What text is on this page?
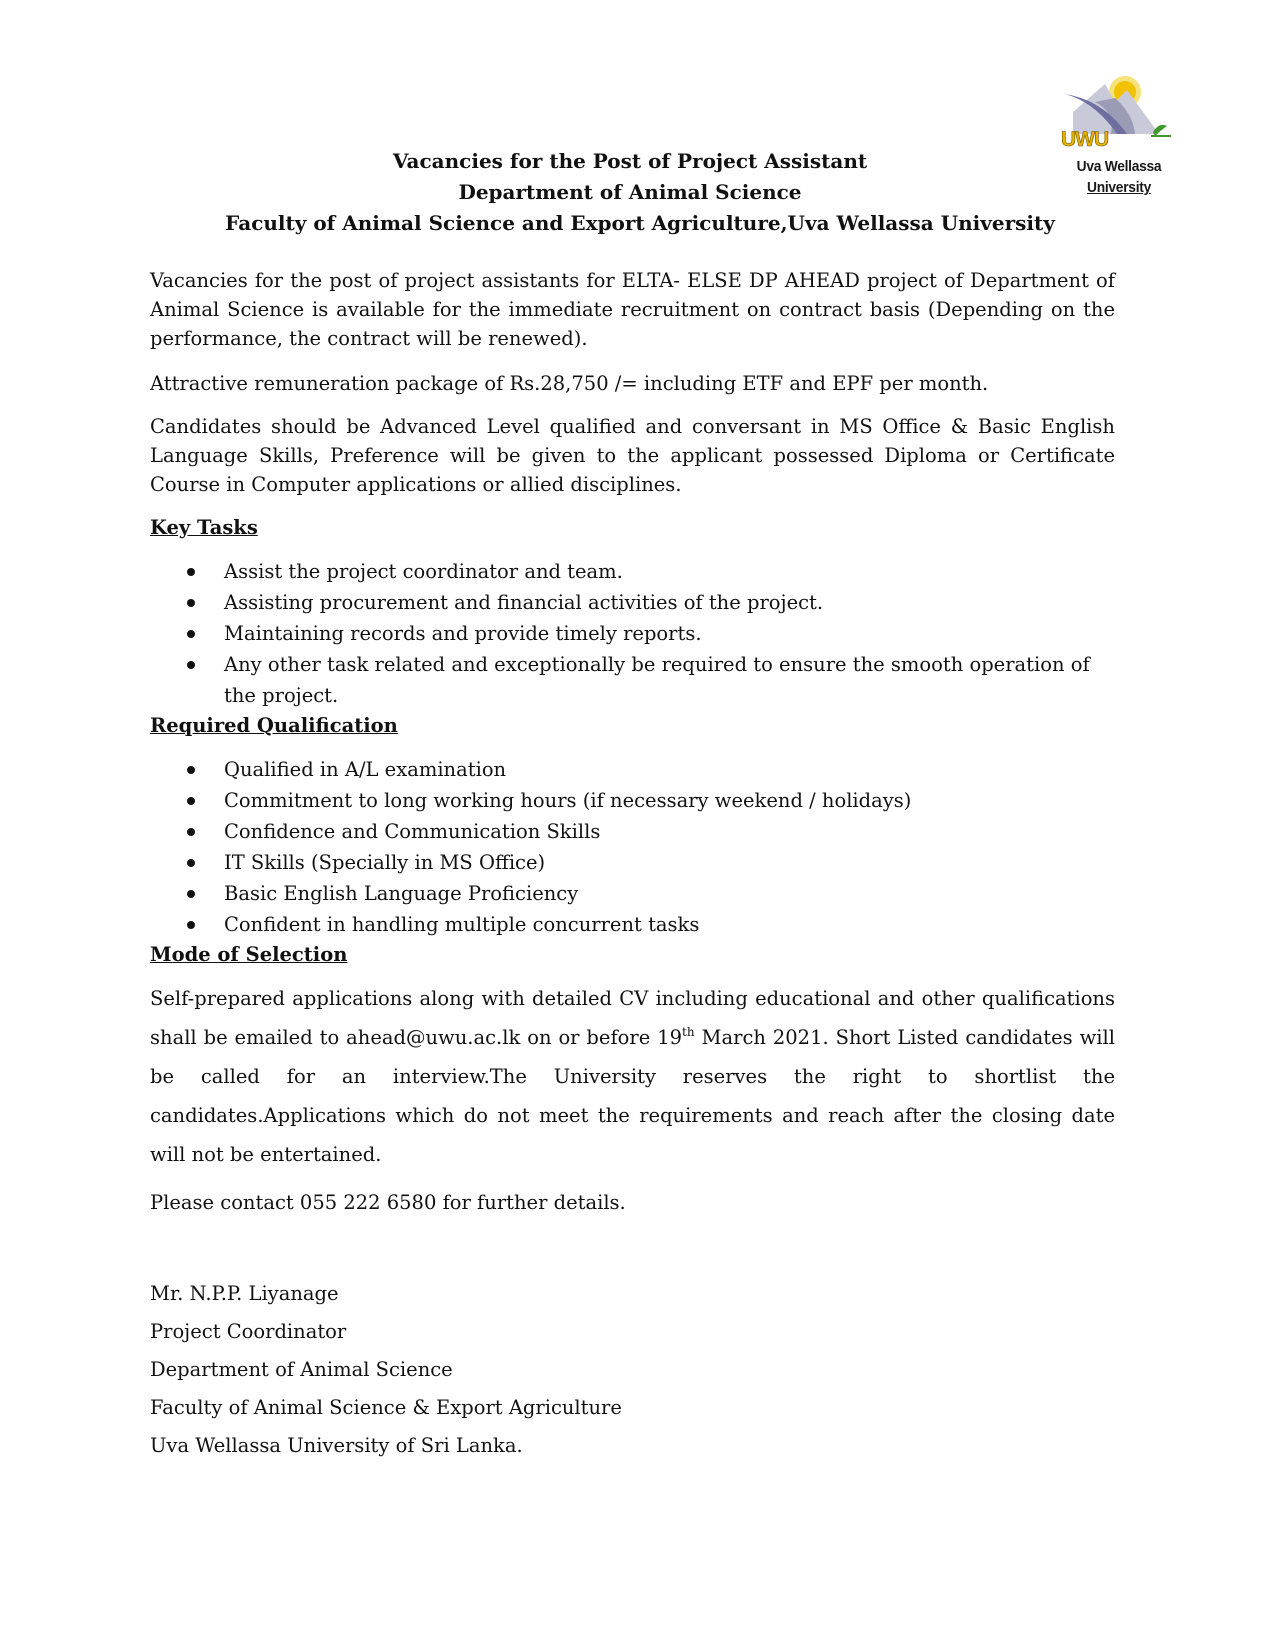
UWU
Uva Wellassa
University
Vacancies for the Post of Project Assistant
Department of Animal Science
Faculty of Animal Science and Export Agriculture,Uva Wellassa University

Vacancies for the post of project assistants for ELTA- ELSE DP AHEAD project of Department of Animal Science is available for the immediate recruitment on contract basis (Depending on the performance, the contract will be renewed).

Attractive remuneration package of Rs.28,750 /= including ETF and EPF per month.

Candidates should be Advanced Level qualified and conversant in MS Office & Basic English Language Skills, Preference will be given to the applicant possessed Diploma or Certificate Course in Computer applications or allied disciplines.

Key Tasks
Assist the project coordinator and team.
Assisting procurement and financial activities of the project.
Maintaining records and provide timely reports.
Any other task related and exceptionally be required to ensure the smooth operation of the project.
Required Qualification
Qualified in A/L examination
Commitment to long working hours (if necessary weekend / holidays)
Confidence and Communication Skills
IT Skills (Specially in MS Office)
Basic English Language Proficiency
Confident in handling multiple concurrent tasks
Mode of Selection

Self-prepared applications along with detailed CV including educational and other qualifications shall be emailed to ahead@uwu.ac.lk on or before 19th March 2021. Short Listed candidates will be called for an interview.The University reserves the right to shortlist the candidates.Applications which do not meet the requirements and reach after the closing date will not be entertained.

Please contact 055 222 6580 for further details.

Mr. N.P.P. Liyanage
Project Coordinator
Department of Animal Science
Faculty of Animal Science & Export Agriculture
Uva Wellassa University of Sri Lanka.
